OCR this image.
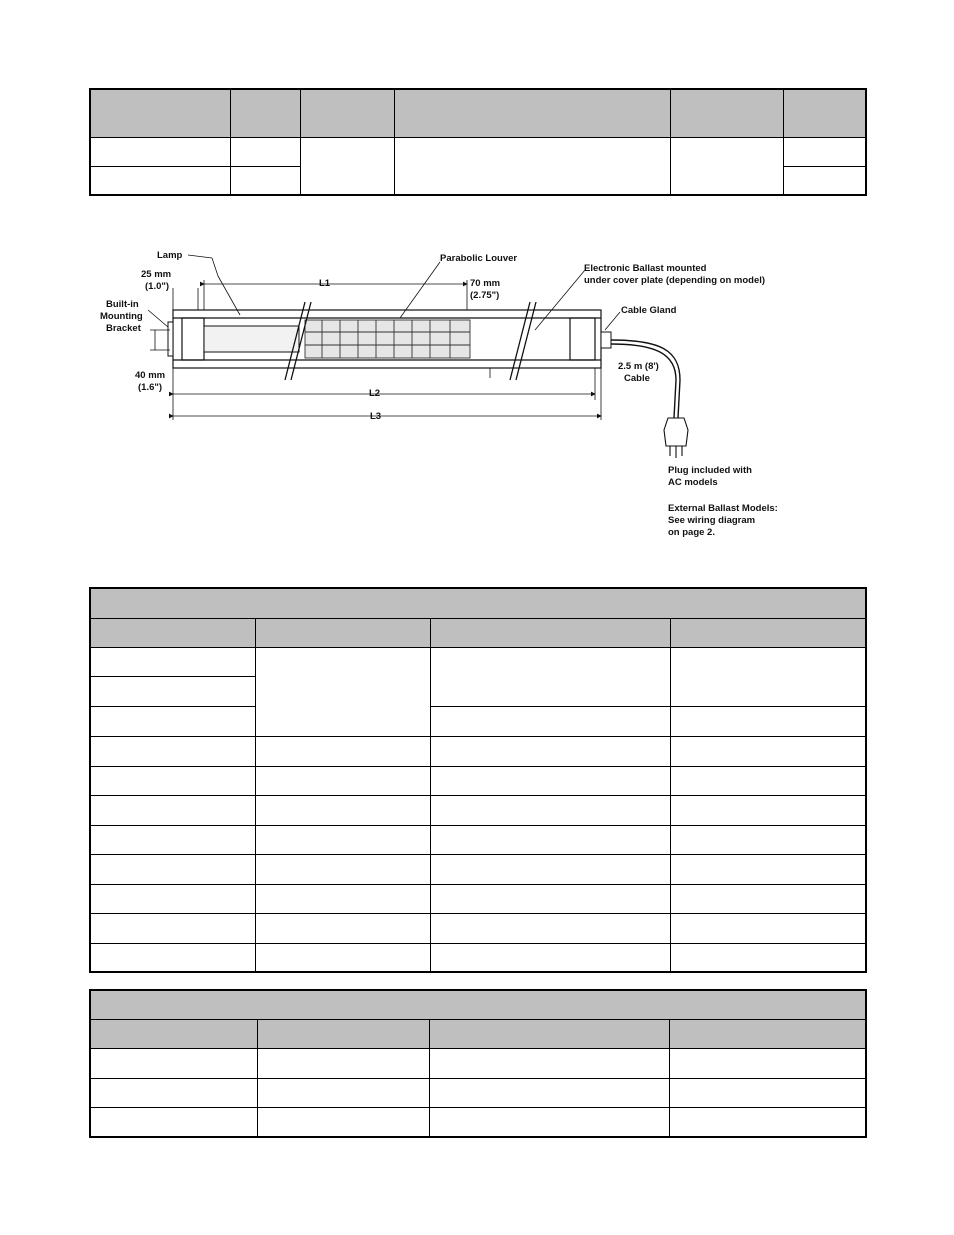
Lamp
25 mm
(1.0")	L1
Parabolic Louver
70 mm
(2.75")
Electronic Ballast mounted
under cover plate (depending on model)
Built-in
Mounting
Bracket
Cable Gland
2.5 m (8')
Cable
40 mm
(1.6")
L2
L3
Plug included with
AC models
External Ballast Models:
See wiring diagram
on page 2.
